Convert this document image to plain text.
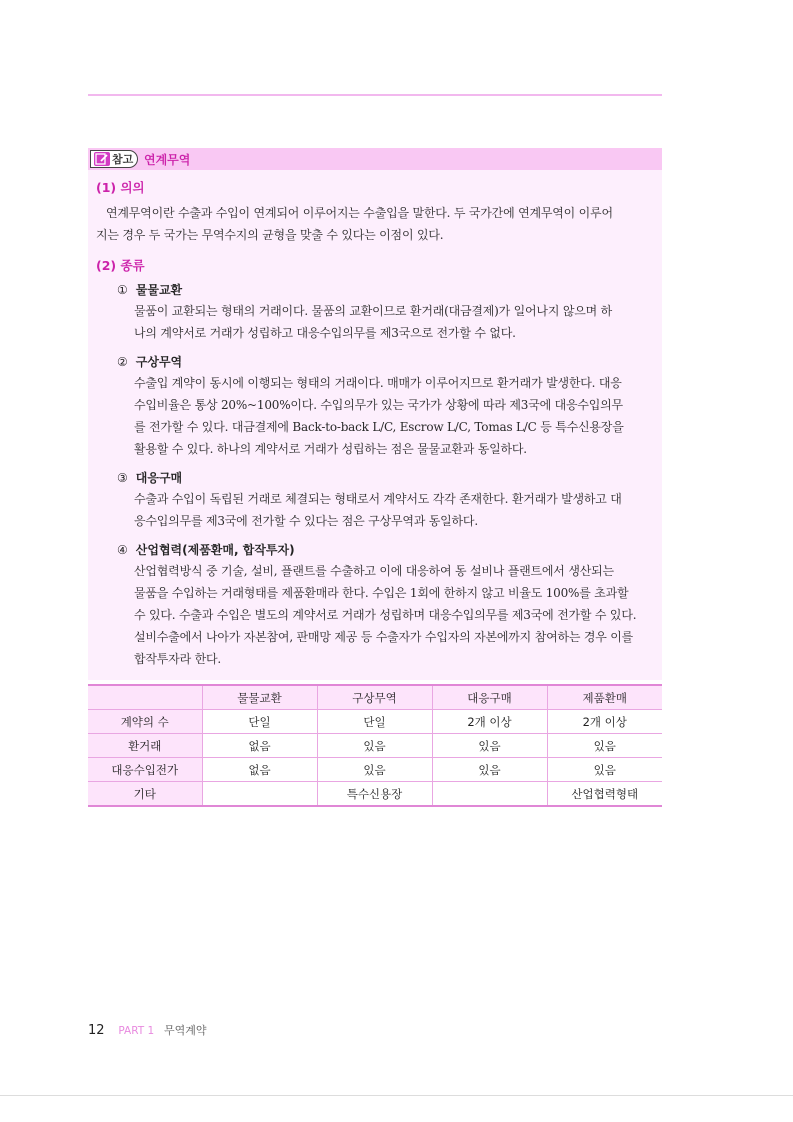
참고 연계무역
(1) 의의
연계무역이란 수출과 수입이 연계되어 이루어지는 수출입을 말한다. 두 국가간에 연계무역이 이루어
지는 경우 두 국가는 무역수지의 균형을 맞출 수 있다는 이점이 있다.
(2) 종류
① 물물교환
물품이 교환되는 형태의 거래이다. 물품의 교환이므로 환거래(대금결제)가 일어나지 않으며 하
나의 계약서로 거래가 성립하고 대응수입의무를 제3국으로 전가할 수 없다.
② 구상무역
수출입 계약이 동시에 이행되는 형태의 거래이다. 매매가 이루어지므로 환거래가 발생한다. 대응
수입비율은 통상 20%~100%이다. 수입의무가 있는 국가가 상황에 따라 제3국에 대응수입의무
를 전가할 수 있다. 대금결제에 Back-to-back L/C, Escrow L/C, Tomas L/C 등 특수신용장을
활용할 수 있다. 하나의 계약서로 거래가 성립하는 점은 물물교환과 동일하다.
③ 대응구매
수출과 수입이 독립된 거래로 체결되는 형태로서 계약서도 각각 존재한다. 환거래가 발생하고 대
응수입의무를 제3국에 전가할 수 있다는 점은 구상무역과 동일하다.
④ 산업협력(제품환매, 합작투자)
산업협력방식 중 기술, 설비, 플랜트를 수출하고 이에 대응하여 동 설비나 플랜트에서 생산되는
물품을 수입하는 거래형태를 제품환매라 한다. 수입은 1회에 한하지 않고 비율도 100%를 초과할
수 있다. 수출과 수입은 별도의 계약서로 거래가 성립하며 대응수입의무를 제3국에 전가할 수 있다.
설비수출에서 나아가 자본참여, 판매망 제공 등 수출자가 수입자의 자본에까지 참여하는 경우 이를
합작투자라 한다.
	물물교환	구상무역	대응구매	제품환매
계약의 수	단일	단일	2개 이상	2개 이상
환거래	없음	있음	있음	있음
대응수입전가	없음	있음	있음	있음
기타		특수신용장		산업협력형태
12 PART 1 무역계약
